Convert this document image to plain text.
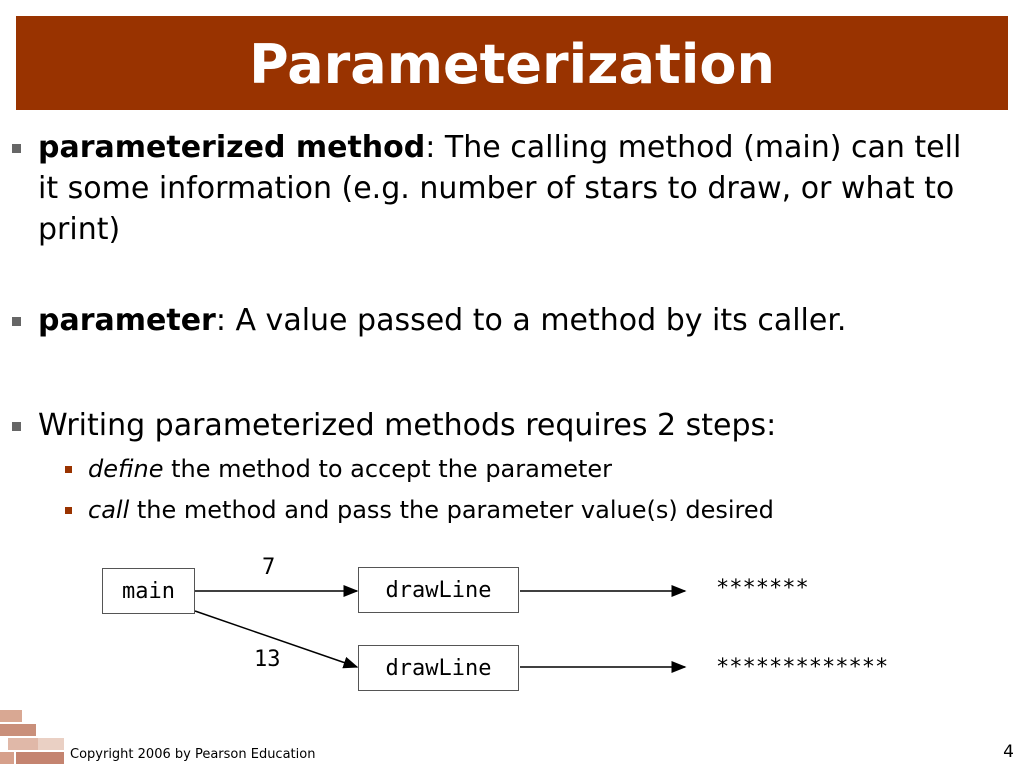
Parameterization
parameterized method: The calling method (main) can tell it some information (e.g. number of stars to draw, or what to print)
parameter: A value passed to a method by its caller.
Writing parameterized methods requires 2 steps:
define the method to accept the parameter
call the method and pass the parameter value(s) desired
main	drawLine
drawLine
7
13
*******
*************
Copyright 2006 by Pearson Education	4
